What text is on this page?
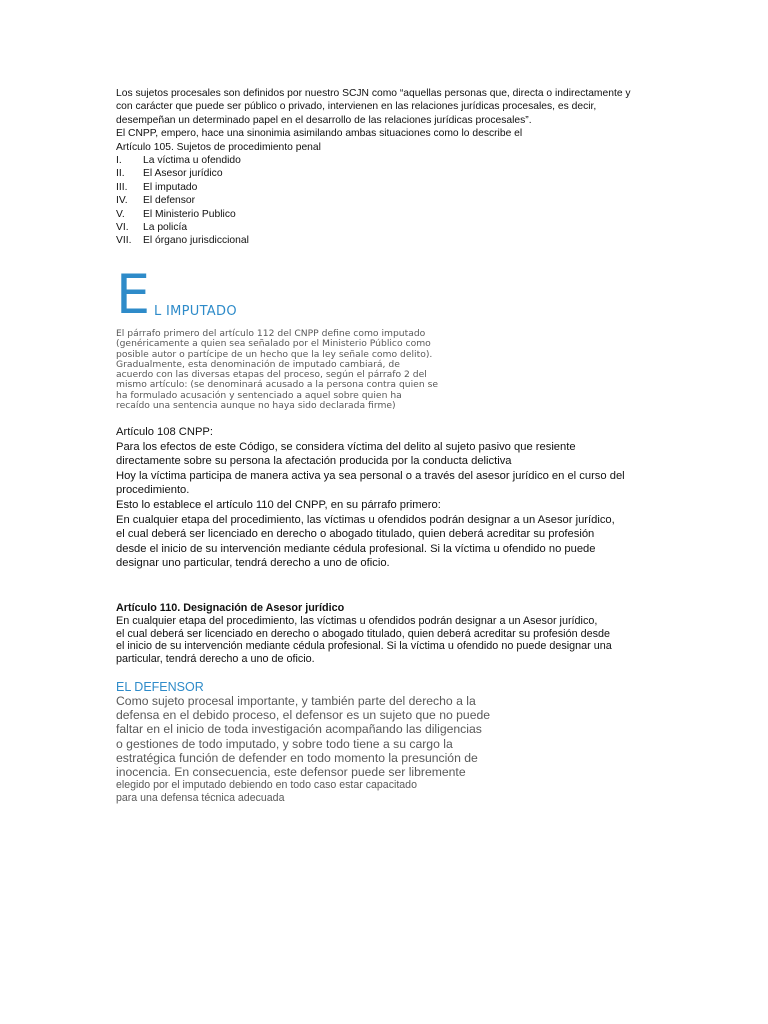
Los sujetos procesales son definidos por nuestro SCJN como “aquellas personas que, directa o indirectamente y

con carácter que puede ser público o privado, intervienen en las relaciones jurídicas procesales, es decir,

desempeñan un determinado papel en el desarrollo de las relaciones jurídicas procesales”.

El CNPP, empero, hace una sinonimia asimilando ambas situaciones como lo describe el

Artículo 105. Sujetos de procedimiento penal

I.	La víctima u ofendido
II.	El Asesor jurídico
III.	El imputado
IV.	El defensor
V.	El Ministerio Publico
VI.	La policía
VII.	El órgano jurisdiccional
E L IMPUTADO
El párrafo primero del artículo 112 del CNPP define como imputado
(genéricamente a quien sea señalado por el Ministerio Público como
posible autor o partícipe de un hecho que la ley señale como delito).
Gradualmente, esta denominación de imputado cambiará, de
acuerdo con las diversas etapas del proceso, según el párrafo 2 del
mismo artículo: (se denominará acusado a la persona contra quien se
ha formulado acusación y sentenciado a aquel sobre quien ha
recaído una sentencia aunque no haya sido declarada firme)

Artículo 108 CNPP:

Para los efectos de este Código, se considera víctima del delito al sujeto pasivo que resiente

directamente sobre su persona la afectación producida por la conducta delictiva

Hoy la víctima participa de manera activa ya sea personal o a través del asesor jurídico en el curso del

procedimiento.

Esto lo establece el artículo 110 del CNPP, en su párrafo primero:

En cualquier etapa del procedimiento, las víctimas u ofendidos podrán designar a un Asesor jurídico,

el cual deberá ser licenciado en derecho o abogado titulado, quien deberá acreditar su profesión

desde el inicio de su intervención mediante cédula profesional. Si la víctima u ofendido no puede

designar uno particular, tendrá derecho a uno de oficio.

Artículo 110. Designación de Asesor jurídico

En cualquier etapa del procedimiento, las víctimas u ofendidos podrán designar a un Asesor jurídico,

el cual deberá ser licenciado en derecho o abogado titulado, quien deberá acreditar su profesión desde

el inicio de su intervención mediante cédula profesional. Si la víctima u ofendido no puede designar una

particular, tendrá derecho a uno de oficio.

EL DEFENSOR

Como sujeto procesal importante, y también parte del derecho a la

defensa en el debido proceso, el defensor es un sujeto que no puede

faltar en el inicio de toda investigación acompañando las diligencias

o gestiones de todo imputado, y sobre todo tiene a su cargo la

estratégica función de defender en todo momento la presunción de

inocencia. En consecuencia, este defensor puede ser libremente

elegido por el imputado debiendo en todo caso estar capacitado

para una defensa técnica adecuada
